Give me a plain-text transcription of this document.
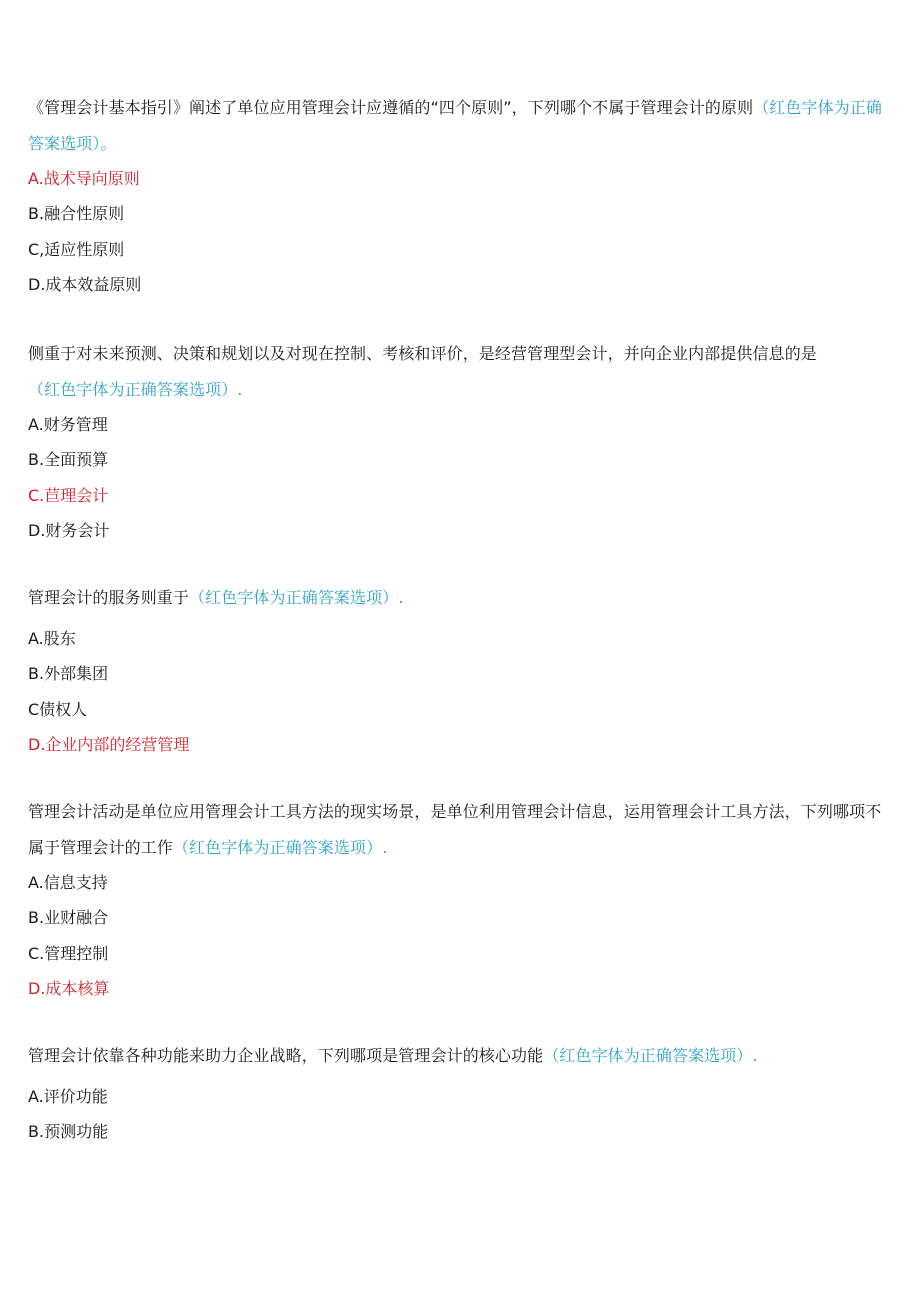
《管理会计基本指引》阐述了单位应用管理会计应遵循的“四个原则”，下列哪个不属于管理会计的原则（红色字体为正确答案选项）。

A.战术导向原则
B.融合性原则
C,适应性原则
D.成本效益原则

侧重于对未来预测、决策和规划以及对现在控制、考核和评价，是经营管理型会计，并向企业内部提供信息的是
（红色字体为正确答案选项）.

A.财务管理
B.全面预算
C.苣理会计
D.财务会计

管理会计的服务则重于（红色字体为正确答案选项）.

A.股东
B.外部集团
C债权人
D.企业内部的经营管理

管理会计活动是单位应用管理会计工具方法的现实场景，是单位利用管理会计信息，运用管理会计工具方法，下列哪项不属于管理会计的工作（红色字体为正确答案选项）.

A.信息支持
B.业财融合
C.管理控制
D.成本核算

管理会计依靠各种功能来助力企业战略，下列哪项是管理会计的核心功能（红色字体为正确答案选项）.

A.评价功能
B.预测功能
